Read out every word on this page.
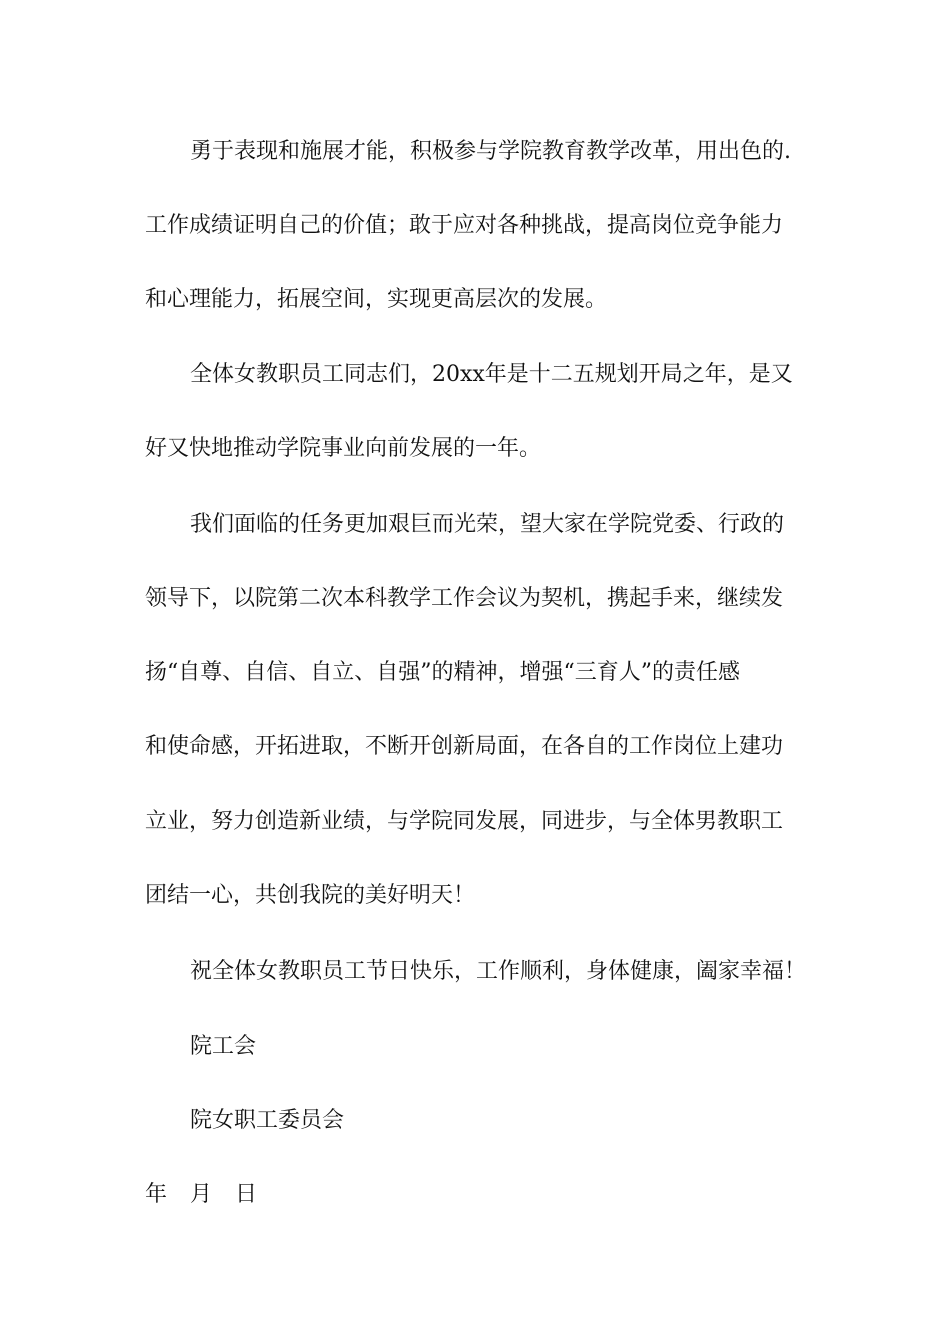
勇于表现和施展才能，积极参与学院教育教学改革，用出色的.

工作成绩证明自己的价值；敢于应对各种挑战，提高岗位竞争能力

和心理能力，拓展空间，实现更高层次的发展。

全体女教职员工同志们，20xx年是十二五规划开局之年，是又

好又快地推动学院事业向前发展的一年。

我们面临的任务更加艰巨而光荣，望大家在学院党委、行政的

领导下，以院第二次本科教学工作会议为契机，携起手来，继续发

扬“自尊、自信、自立、自强”的精神，增强“三育人”的责任感

和使命感，开拓进取，不断开创新局面，在各自的工作岗位上建功

立业，努力创造新业绩，与学院同发展，同进步，与全体男教职工

团结一心，共创我院的美好明天！

祝全体女教职员工节日快乐，工作顺利，身体健康，阖家幸福！

院工会

院女职工委员会

年 月 日
